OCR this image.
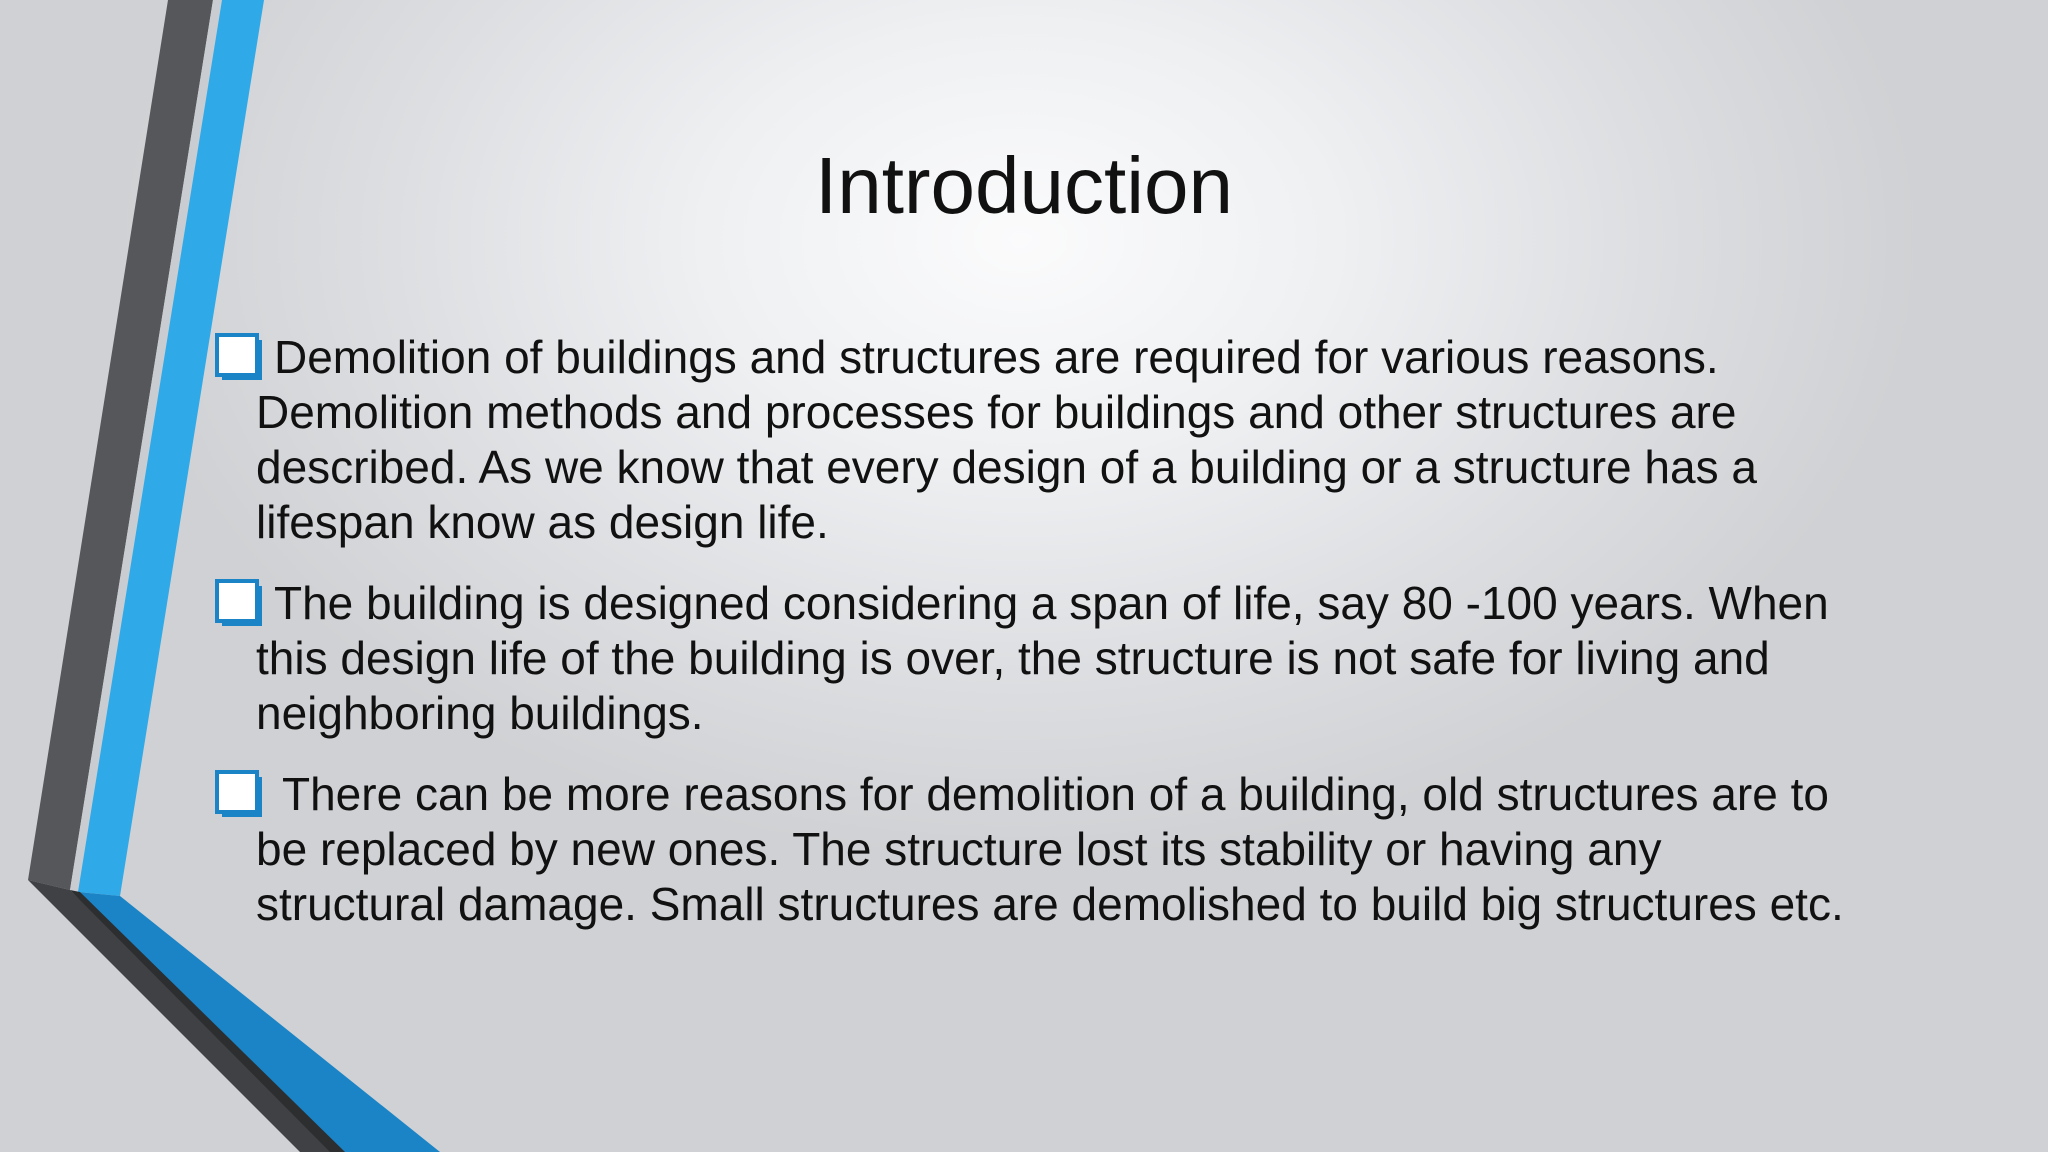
Introduction
Demolition of buildings and structures are required for various reasons. Demolition methods and processes for buildings and other structures are described. As we know that every design of a building or a structure has a lifespan know as design life.
The building is designed considering a span of life, say 80 -100 years. When this design life of the building is over, the structure is not safe for living and neighboring buildings.
There can be more reasons for demolition of a building, old structures are to be replaced by new ones. The structure lost its stability or having any structural damage. Small structures are demolished to build big structures etc.
